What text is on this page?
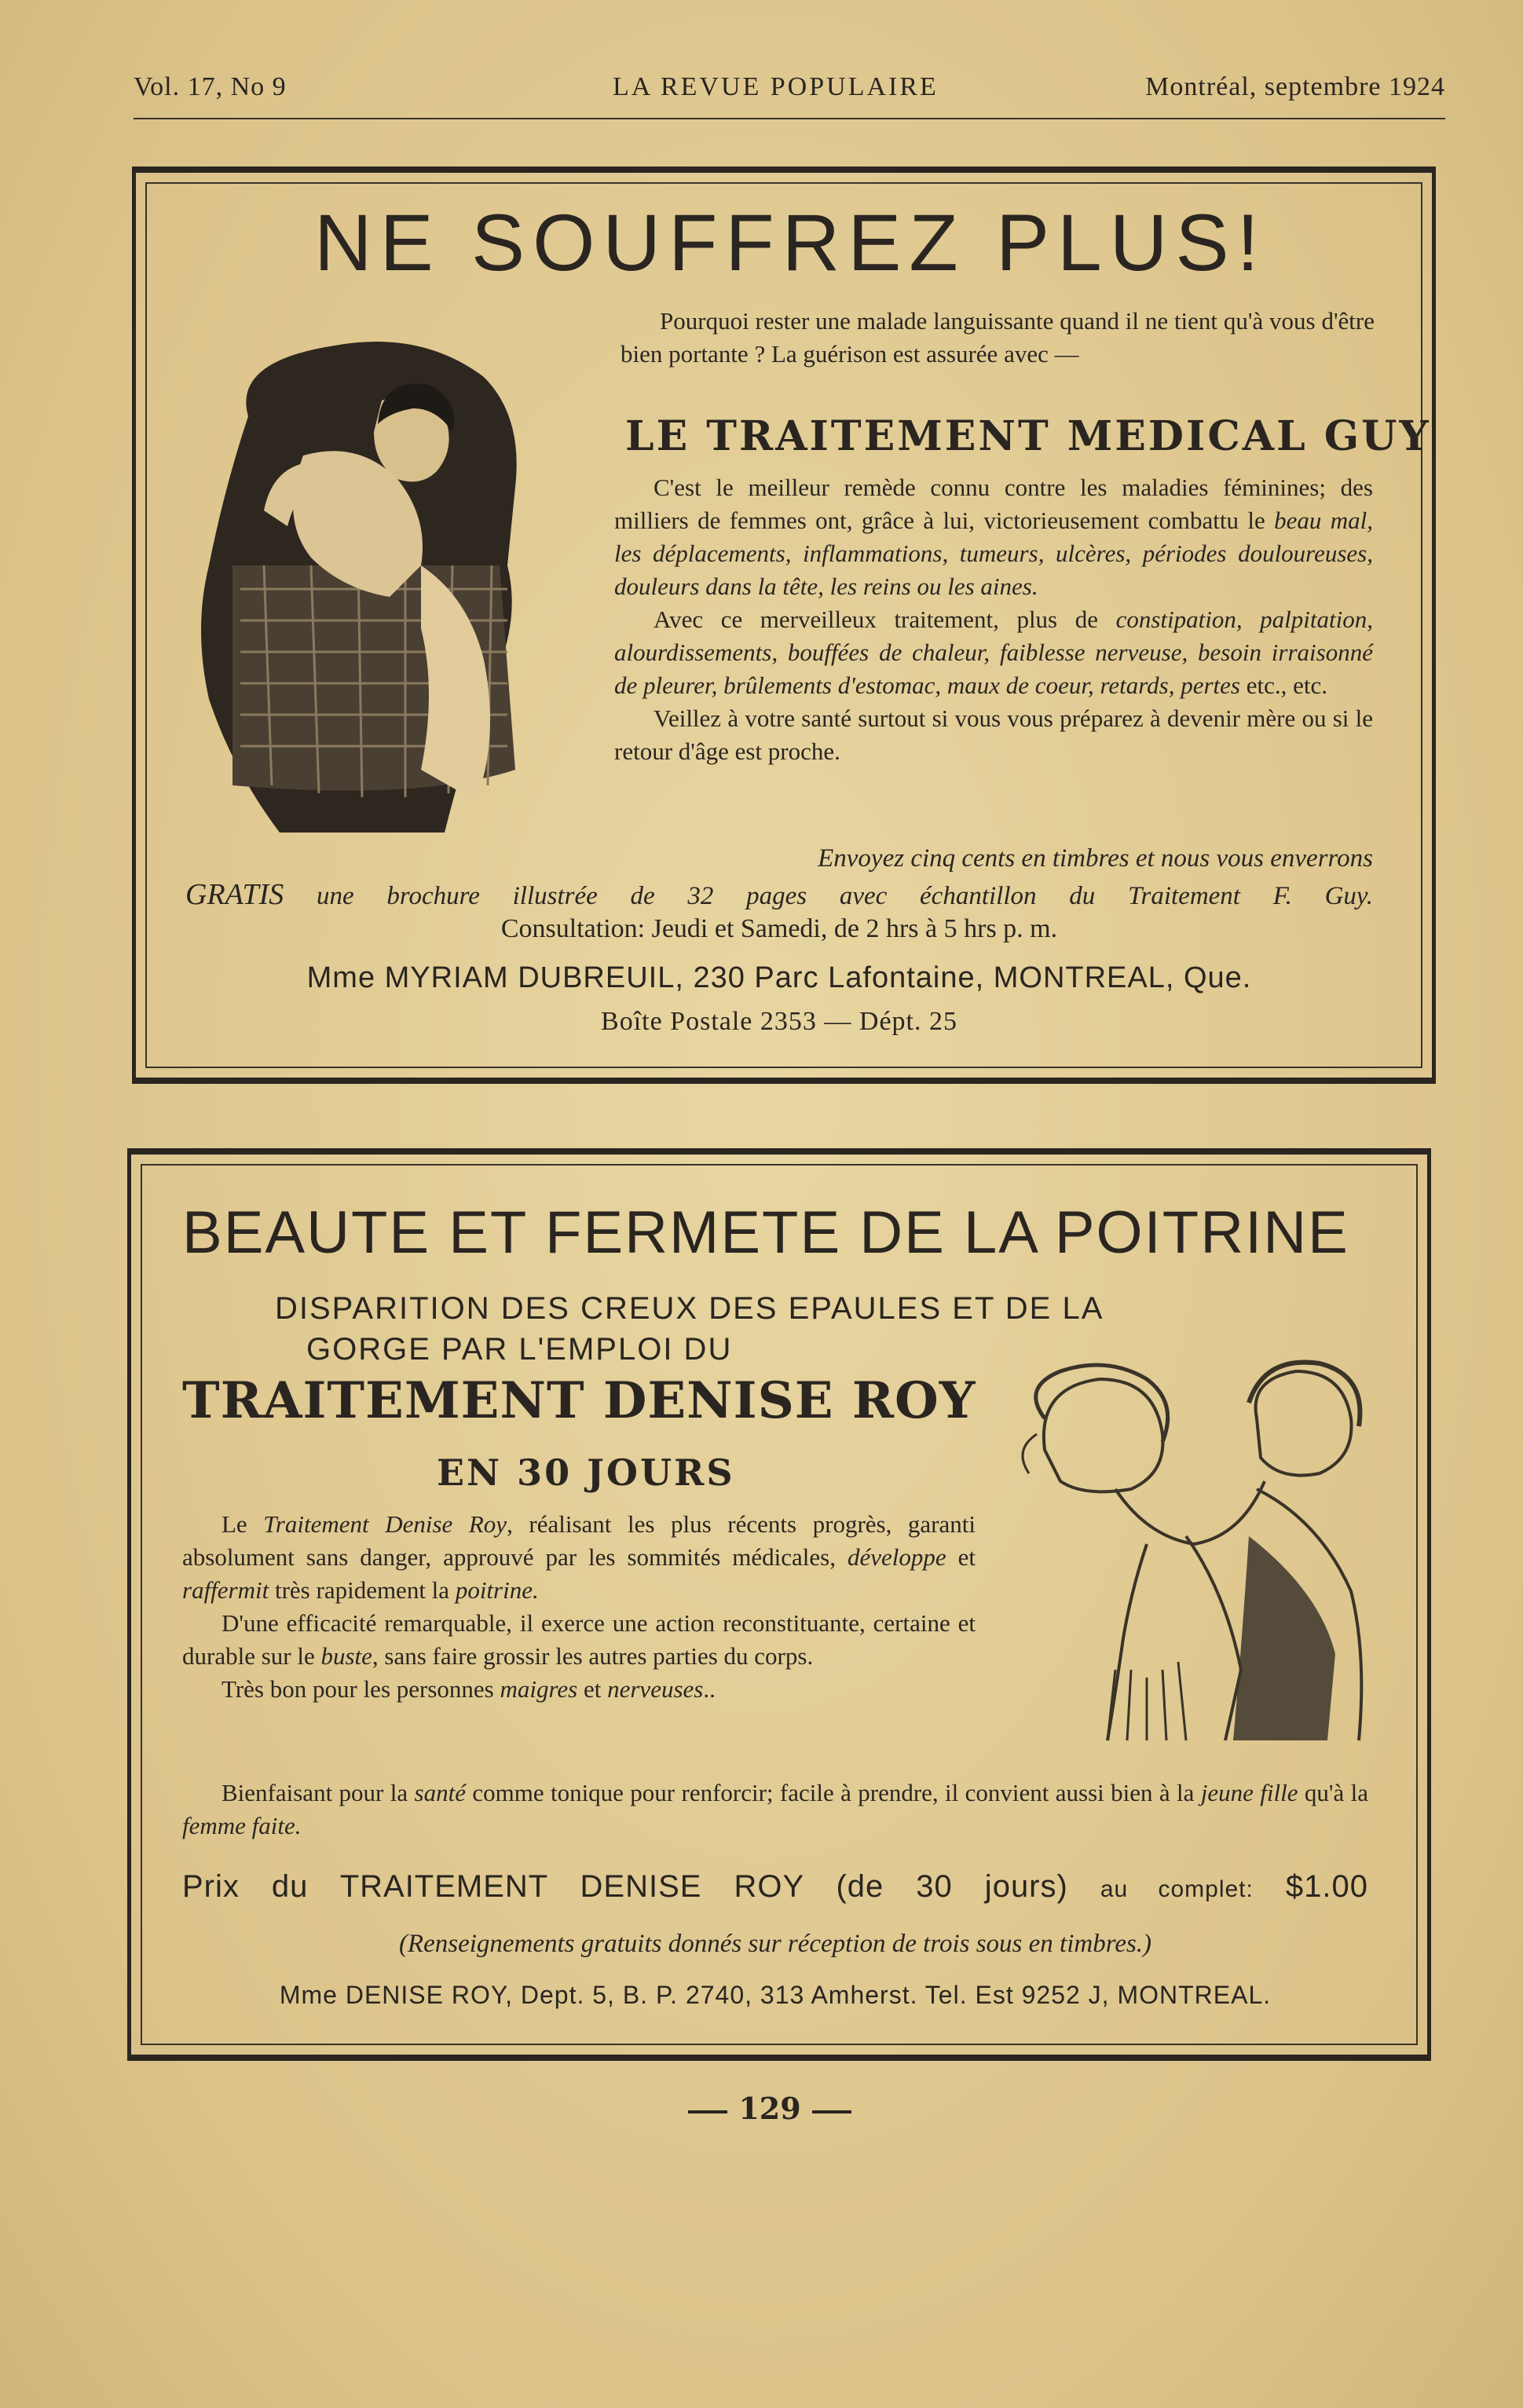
Vol. 17, No 9	LA REVUE POPULAIRE	Montréal, septembre 1924
NE SOUFFREZ PLUS!
Pourquoi rester une malade languissante quand il ne tient qu'à vous d'être bien portante ? La guérison est assurée avec —
LE TRAITEMENT MEDICAL GUY

C'est le meilleur remède connu contre les maladies féminines; des milliers de femmes ont, grâce à lui, victorieusement combattu le beau mal, les déplacements, inflammations, tumeurs, ulcères, périodes douloureuses, douleurs dans la tête, les reins ou les aines.

Avec ce merveilleux traitement, plus de constipation, palpitation, alourdissements, bouffées de chaleur, faiblesse nerveuse, besoin irraisonné de pleurer, brûlements d'estomac, maux de coeur, retards, pertes etc., etc.

Veillez à votre santé surtout si vous vous préparez à devenir mère ou si le retour d'âge est proche.

Envoyez cinq cents en timbres et nous vous enverrons
GRATIS une brochure illustrée de 32 pages avec échantillon du Traitement F. Guy.
Consultation: Jeudi et Samedi, de 2 hrs à 5 hrs p. m.
Mme MYRIAM DUBREUIL, 230 Parc Lafontaine, MONTREAL, Que.
Boîte Postale 2353 — Dépt. 25
BEAUTE ET FERMETE DE LA POITRINE
DISPARITION DES CREUX DES EPAULES ET DE LA
GORGE PAR L'EMPLOI DU
TRAITEMENT DENISE ROY
EN 30 JOURS

Le Traitement Denise Roy, réalisant les plus récents progrès, garanti absolument sans danger, approuvé par les sommités médicales, développe et raffermit très rapidement la poitrine.

D'une efficacité remarquable, il exerce une action reconstituante, certaine et durable sur le buste, sans faire grossir les autres parties du corps.

Très bon pour les personnes maigres et nerveuses..

Bienfaisant pour la santé comme tonique pour renforcir; facile à prendre, il convient aussi bien à la jeune fille qu'à la femme faite.

Prix du TRAITEMENT DENISE ROY (de 30 jours) au complet: $1.00
(Renseignements gratuits donnés sur réception de trois sous en timbres.)
Mme DENISE ROY, Dept. 5, B. P. 2740, 313 Amherst. Tel. Est 9252 J, MONTREAL.
129
